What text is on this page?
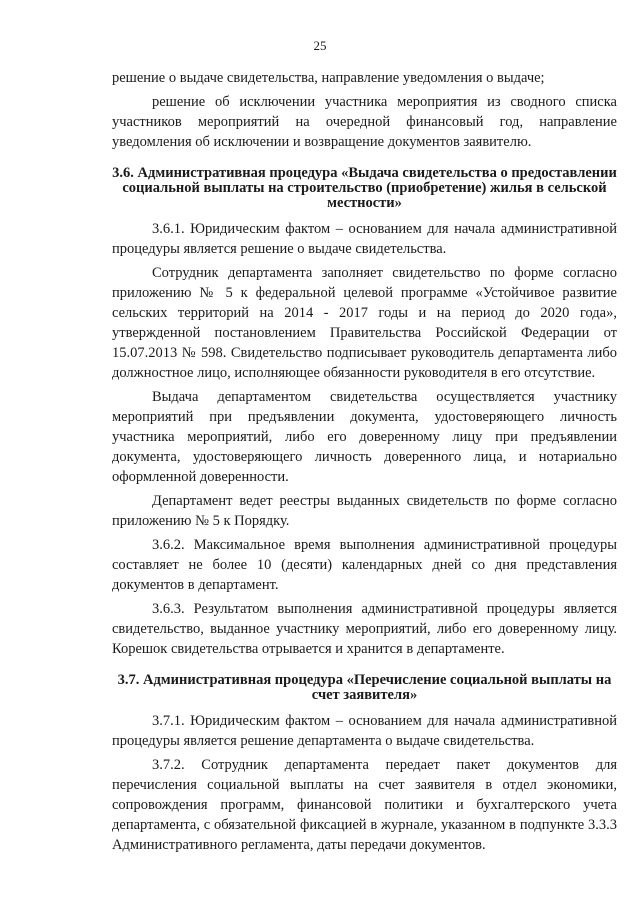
25

решение о выдаче свидетельства, направление уведомления о выдаче;

решение об исключении участника мероприятия из сводного списка участников мероприятий на очередной финансовый год, направление уведомления об исключении и возвращение документов заявителю.

3.6. Административная процедура «Выдача свидетельства о предоставлении социальной выплаты на строительство (приобретение) жилья в сельской местности»

3.6.1. Юридическим фактом – основанием для начала административной процедуры является решение о выдаче свидетельства.

Сотрудник департамента заполняет свидетельство по форме согласно приложению № 5 к федеральной целевой программе «Устойчивое развитие сельских территорий на 2014 - 2017 годы и на период до 2020 года», утвержденной постановлением Правительства Российской Федерации от 15.07.2013 № 598. Свидетельство подписывает руководитель департамента либо должностное лицо, исполняющее обязанности руководителя в его отсутствие.

Выдача департаментом свидетельства осуществляется участнику мероприятий при предъявлении документа, удостоверяющего личность участника мероприятий, либо его доверенному лицу при предъявлении документа, удостоверяющего личность доверенного лица, и нотариально оформленной доверенности.

Департамент ведет реестры выданных свидетельств по форме согласно приложению № 5 к Порядку.

3.6.2. Максимальное время выполнения административной процедуры составляет не более 10 (десяти) календарных дней со дня представления документов в департамент.

3.6.3. Результатом выполнения административной процедуры является свидетельство, выданное участнику мероприятий, либо его доверенному лицу. Корешок свидетельства отрывается и хранится в департаменте.

3.7. Административная процедура «Перечисление социальной выплаты на счет заявителя»

3.7.1. Юридическим фактом – основанием для начала административной процедуры является решение департамента о выдаче свидетельства.

3.7.2. Сотрудник департамента передает пакет документов для перечисления социальной выплаты на счет заявителя в отдел экономики, сопровождения программ, финансовой политики и бухгалтерского учета департамента, с обязательной фиксацией в журнале, указанном в подпункте 3.3.3 Административного регламента, даты передачи документов.
